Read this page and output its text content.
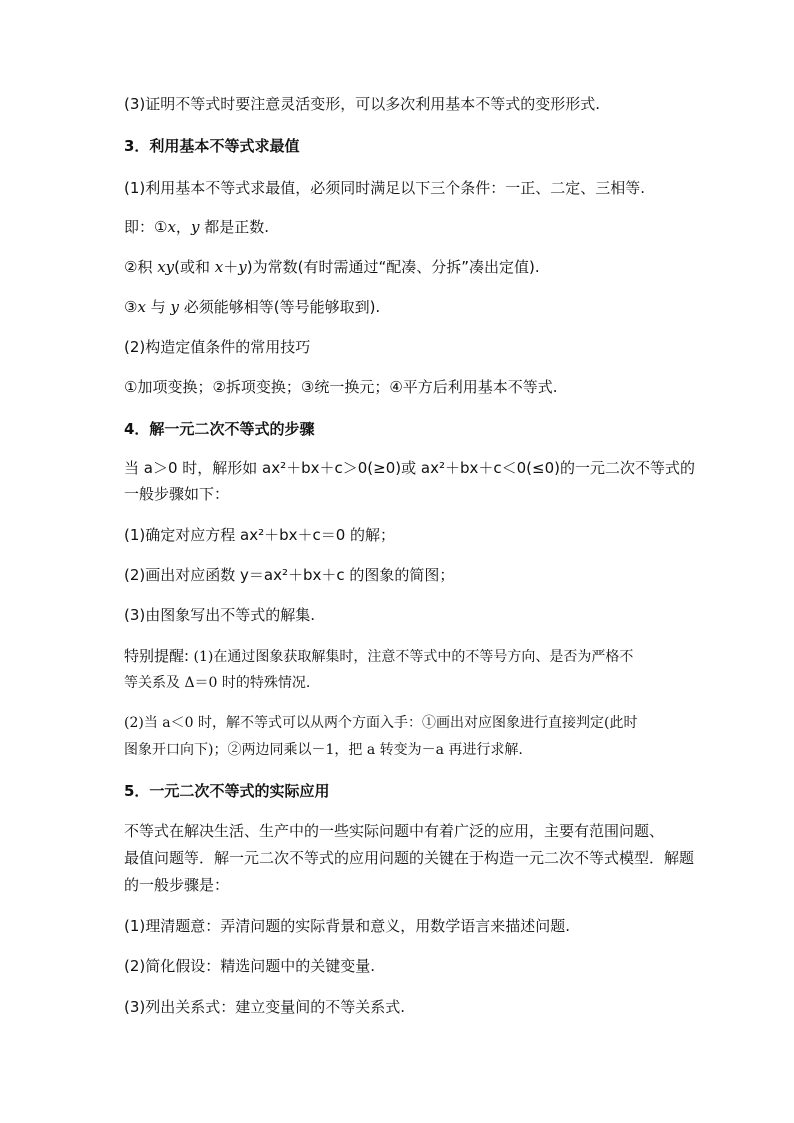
(3)证明不等式时要注意灵活变形，可以多次利用基本不等式的变形形式.
3．利用基本不等式求最值
(1)利用基本不等式求最值，必须同时满足以下三个条件：一正、二定、三相等.
即：①x，y 都是正数.
②积 xy(或和 x＋y)为常数(有时需通过“配凑、分拆”凑出定值).
③x 与 y 必须能够相等(等号能够取到).
(2)构造定值条件的常用技巧
①加项变换；②拆项变换；③统一换元；④平方后利用基本不等式.
4．解一元二次不等式的步骤
当 a＞0 时，解形如 ax²＋bx＋c＞0(≥0)或 ax²＋bx＋c＜0(≤0)的一元二次不等式的
一般步骤如下：
(1)确定对应方程 ax²＋bx＋c＝0 的解；
(2)画出对应函数 y＝ax²＋bx＋c 的图象的简图；
(3)由图象写出不等式的解集.
特别提醒: (1)在通过图象获取解集时，注意不等式中的不等号方向、是否为严格不
等关系及 Δ＝0 时的特殊情况.
(2)当 a＜0 时，解不等式可以从两个方面入手：①画出对应图象进行直接判定(此时
图象开口向下)；②两边同乘以－1，把 a 转变为－a 再进行求解.
5．一元二次不等式的实际应用
不等式在解决生活、生产中的一些实际问题中有着广泛的应用，主要有范围问题、
最值问题等．解一元二次不等式的应用问题的关键在于构造一元二次不等式模型．解题
的一般步骤是：
(1)理清题意：弄清问题的实际背景和意义，用数学语言来描述问题.
(2)简化假设：精选问题中的关键变量.
(3)列出关系式：建立变量间的不等关系式.
